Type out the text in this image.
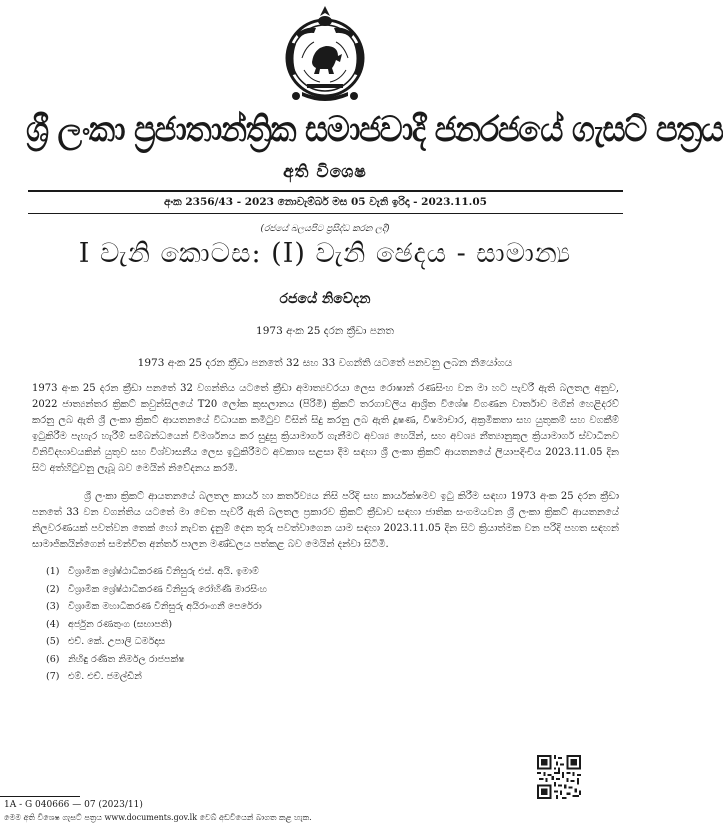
ශ්‍රී ලංකා ප්‍රජාතාන්ත්‍රික සමාජවාදී ජනරජයේ ගැසට් පත්‍රය
අති විශෙෂ
අංක 2356/43 - 2023 නොවැම්බර් මස 05 වැනි ඉරිදා - 2023.11.05
(රජයේ බලයපිට ප්‍රසිද්ධ කරන ලදී)
I වැනි කොටස: (I) වැනි ඡෙදය - සාමාන්‍ය
රජයේ නිවේදන
1973 අංක 25 දරන ක්‍රීඩා පනත
1973 අංක 25 දරන ක්‍රීඩා පනතේ 32 සහ 33 වගන්ති යටතේ පනවනු ලබන නියෝගය

1973 අංක 25 දරන ක්‍රීඩා පනතේ 32 වගන්තිය යටතේ ක්‍රීඩා අමාත්‍යවරයා ලෙස රොෂාන් රණසිංහ වන මා හට පැවරී ඇති බලතල අනුව, 2022 ජාත්‍යන්තර ක්‍රිකට් කවුන්සිලයේ T20 ලෝක කුසලානය (පිරිමි) ක්‍රිකට් තරගාවලිය ආශ්‍රිත විශේෂ විගණන වාර්තාව මගින් හෙළිදරව් කරනු ලබ ඇති ශ්‍රී ලංකා ක්‍රිකට් ආයතනයේ විධායක කමිටුව විසින් සිදු කරනු ලබ ඇති දූෂණ, විෂමාචාර, අක්‍රමිකතා සහ යුතුකම් සහ වගකීම් ඉටුකිරීම පැහැර හැරීම් සම්බන්ධයෙන් විමර්ශනය කර සුදුසු ක්‍රියාමාර්ග ගැනීමට අවශ්‍ය හෙයින්, සහ අවශ්‍ය නීත්‍යානුකූල ක්‍රියාමාර්ග ස්වාධීනව විනිවිදභාවයකින් යුතුව සහ විශ්වාසනීය ලෙස ඉටුකිරීමට අවකාශ සළසා දීම සඳහා ශ්‍රී ලංකා ක්‍රිකට් ආයතනයේ ලියාපදිංචිය 2023.11.05 දින සිට අත්හිටුවනු ලැබූ බව මෙයින් නිවේදනය කරමි.

ශ්‍රී ලංකා ක්‍රිකට් ආයතනයේ බලතල කාර්ය හා කර්තව්‍යය නිසි පරිදි සහ කාර්යක්ෂමව ඉටු කිරීම සඳහා 1973 අංක 25 දරන ක්‍රීඩා පනතේ 33 වන වගන්තිය යටතේ මා වෙත පැවරී ඇති බලතල ප්‍රකාරව ක්‍රිකට් ක්‍රීඩාව සඳහා ජාතික සංගමයවන ශ්‍රී ලංකා ක්‍රිකට් ආයතනයේ නිලවරණයක් පවත්වන තෙක් හෝ නැවත දැනුම් දෙන තුරු පවත්වාගෙන යාම සඳහා 2023.11.05 දින සිට ක්‍රියාත්මක වන පරිදි පහත සඳහන් සාමාජිකයින්ගෙන් සමන්විත අන්තර් පාලන මණ්ඩලය පත්කළ බව මෙයින් දන්වා සිටිමි.

(1) විශ්‍රාමික ශ්‍රේෂ්ඨාධිකරණ විනිසුරු එස්. අයි. ඉමාම්
(2) විශ්‍රාමික ශ්‍රේෂ්ඨාධිකරණ විනිසුරු රෝහිණී මාරසිංහ
(3) විශ්‍රාමික මහාධිකරණ විනිසුරු අයිරාංගනී පෙරේරා
(4) අර්ජුන රණතුංග (සභාපති)
(5) එච්. කේ. උපාලි ධර්මදාස
(6) නිහිඳු රණිත නිර්මල රාජපක්ෂ
(7) එම්. එච්. ජමල්ඩීන්
1A - G 040666 — 07 (2023/11)
මෙම අති විශෙෂ ගැසට් පත්‍රය www.documents.gov.lk වෙබ් අඩවියෙන් බාගත කළ හැක.
